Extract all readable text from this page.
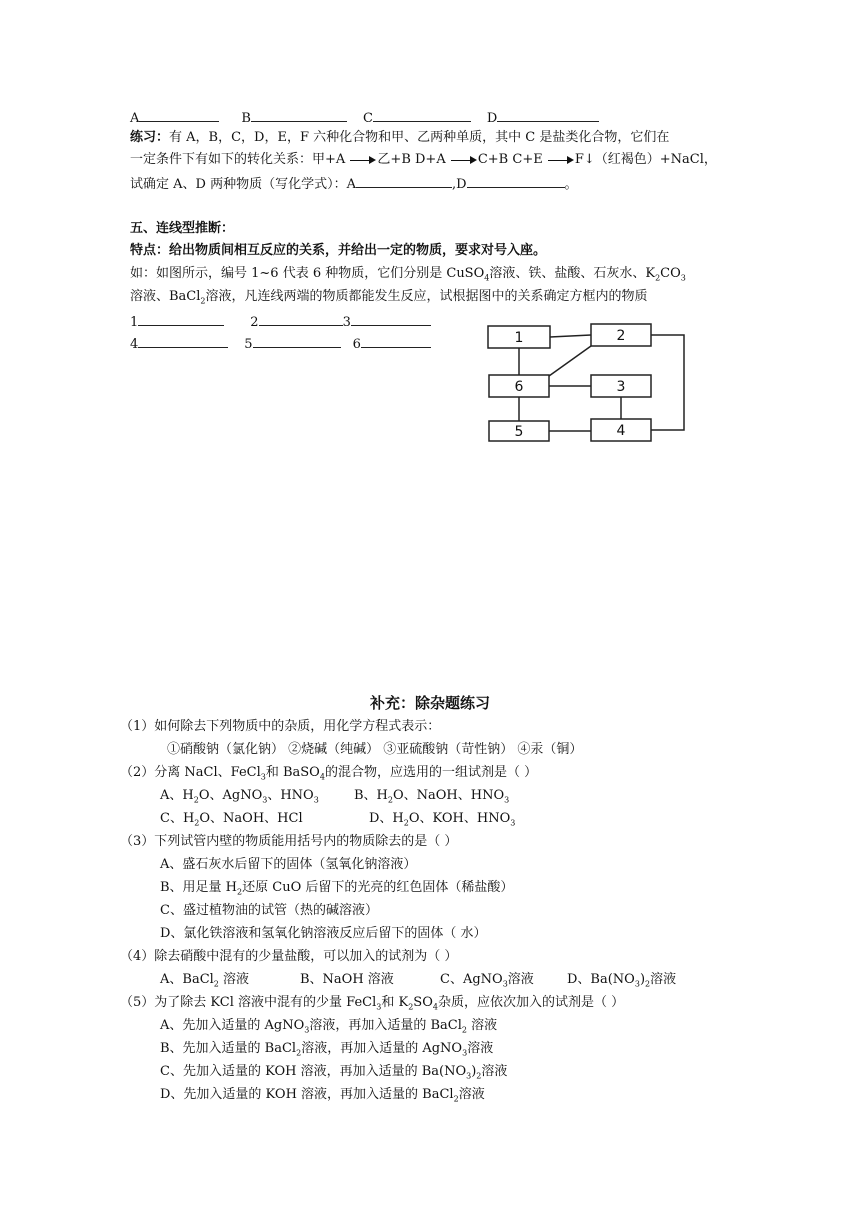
A	B	C	D
练习：有 A，B，C，D，E，F 六种化合物和甲、乙两种单质，其中 C 是盐类化合物，它们在
一定条件下有如下的转化关系：甲+A 乙+B D+A C+B C+E F↓（红褐色）+NaCl，
试确定 A、D 两种物质（写化学式）：A	,D	。
五、连线型推断：
特点：给出物质间相互反应的关系，并给出一定的物质，要求对号入座。
如：如图所示，编号 1~6 代表 6 种物质，它们分别是 CuSO$_4$溶液、铁、盐酸、石灰水、$K_2CO_3$
溶液、BaCl$_2$溶液，凡连线两端的物质都能发生反应，试根据图中的关系确定方框内的物质
1	2	3
4	5	6	1	2
6	3
5	4
补充：除杂题练习
（1）如何除去下列物质中的杂质，用化学方程式表示：
①硝酸钠（氯化钠） ②烧碱（纯碱） ③亚硫酸钠（苛性钠） ④汞（铜）
（2）分离 NaCl、FeCl$_3$和 BaSO$_4$的混合物，应选用的一组试剂是（ ）
A、$H_2O$、AgNO$_3$、$HNO_3$	B、$H_2O$、NaOH、$HNO_3$
C、$H_2O$、NaOH、HCl	D、$H_2O$、KOH、$HNO_3$
（3）下列试管内壁的物质能用括号内的物质除去的是（ ）
A、盛石灰水后留下的固体（氢氧化钠溶液）
B、用足量 $H_2$还原 CuO 后留下的光亮的红色固体（稀盐酸）
C、盛过植物油的试管（热的碱溶液）
D、氯化铁溶液和氢氧化钠溶液反应后留下的固体（ 水）
（4）除去硝酸中混有的少量盐酸，可以加入的试剂为（ ）
A、BaCl$_2$ 溶液	B、NaOH 溶液	C、AgNO$_3$溶液	D、$Ba(NO_3)_2$溶液
（5）为了除去 KCl 溶液中混有的少量 FeCl$_3$和 $K_2SO_4$杂质，应依次加入的试剂是（ ）
A、先加入适量的 AgNO$_3$溶液，再加入适量的 BaCl$_2$ 溶液
B、先加入适量的 BaCl$_2$溶液，再加入适量的 AgNO$_3$溶液
C、先加入适量的 KOH 溶液，再加入适量的 $Ba(NO_3)_2$溶液
D、先加入适量的 KOH 溶液，再加入适量的 BaCl$_2$溶液
